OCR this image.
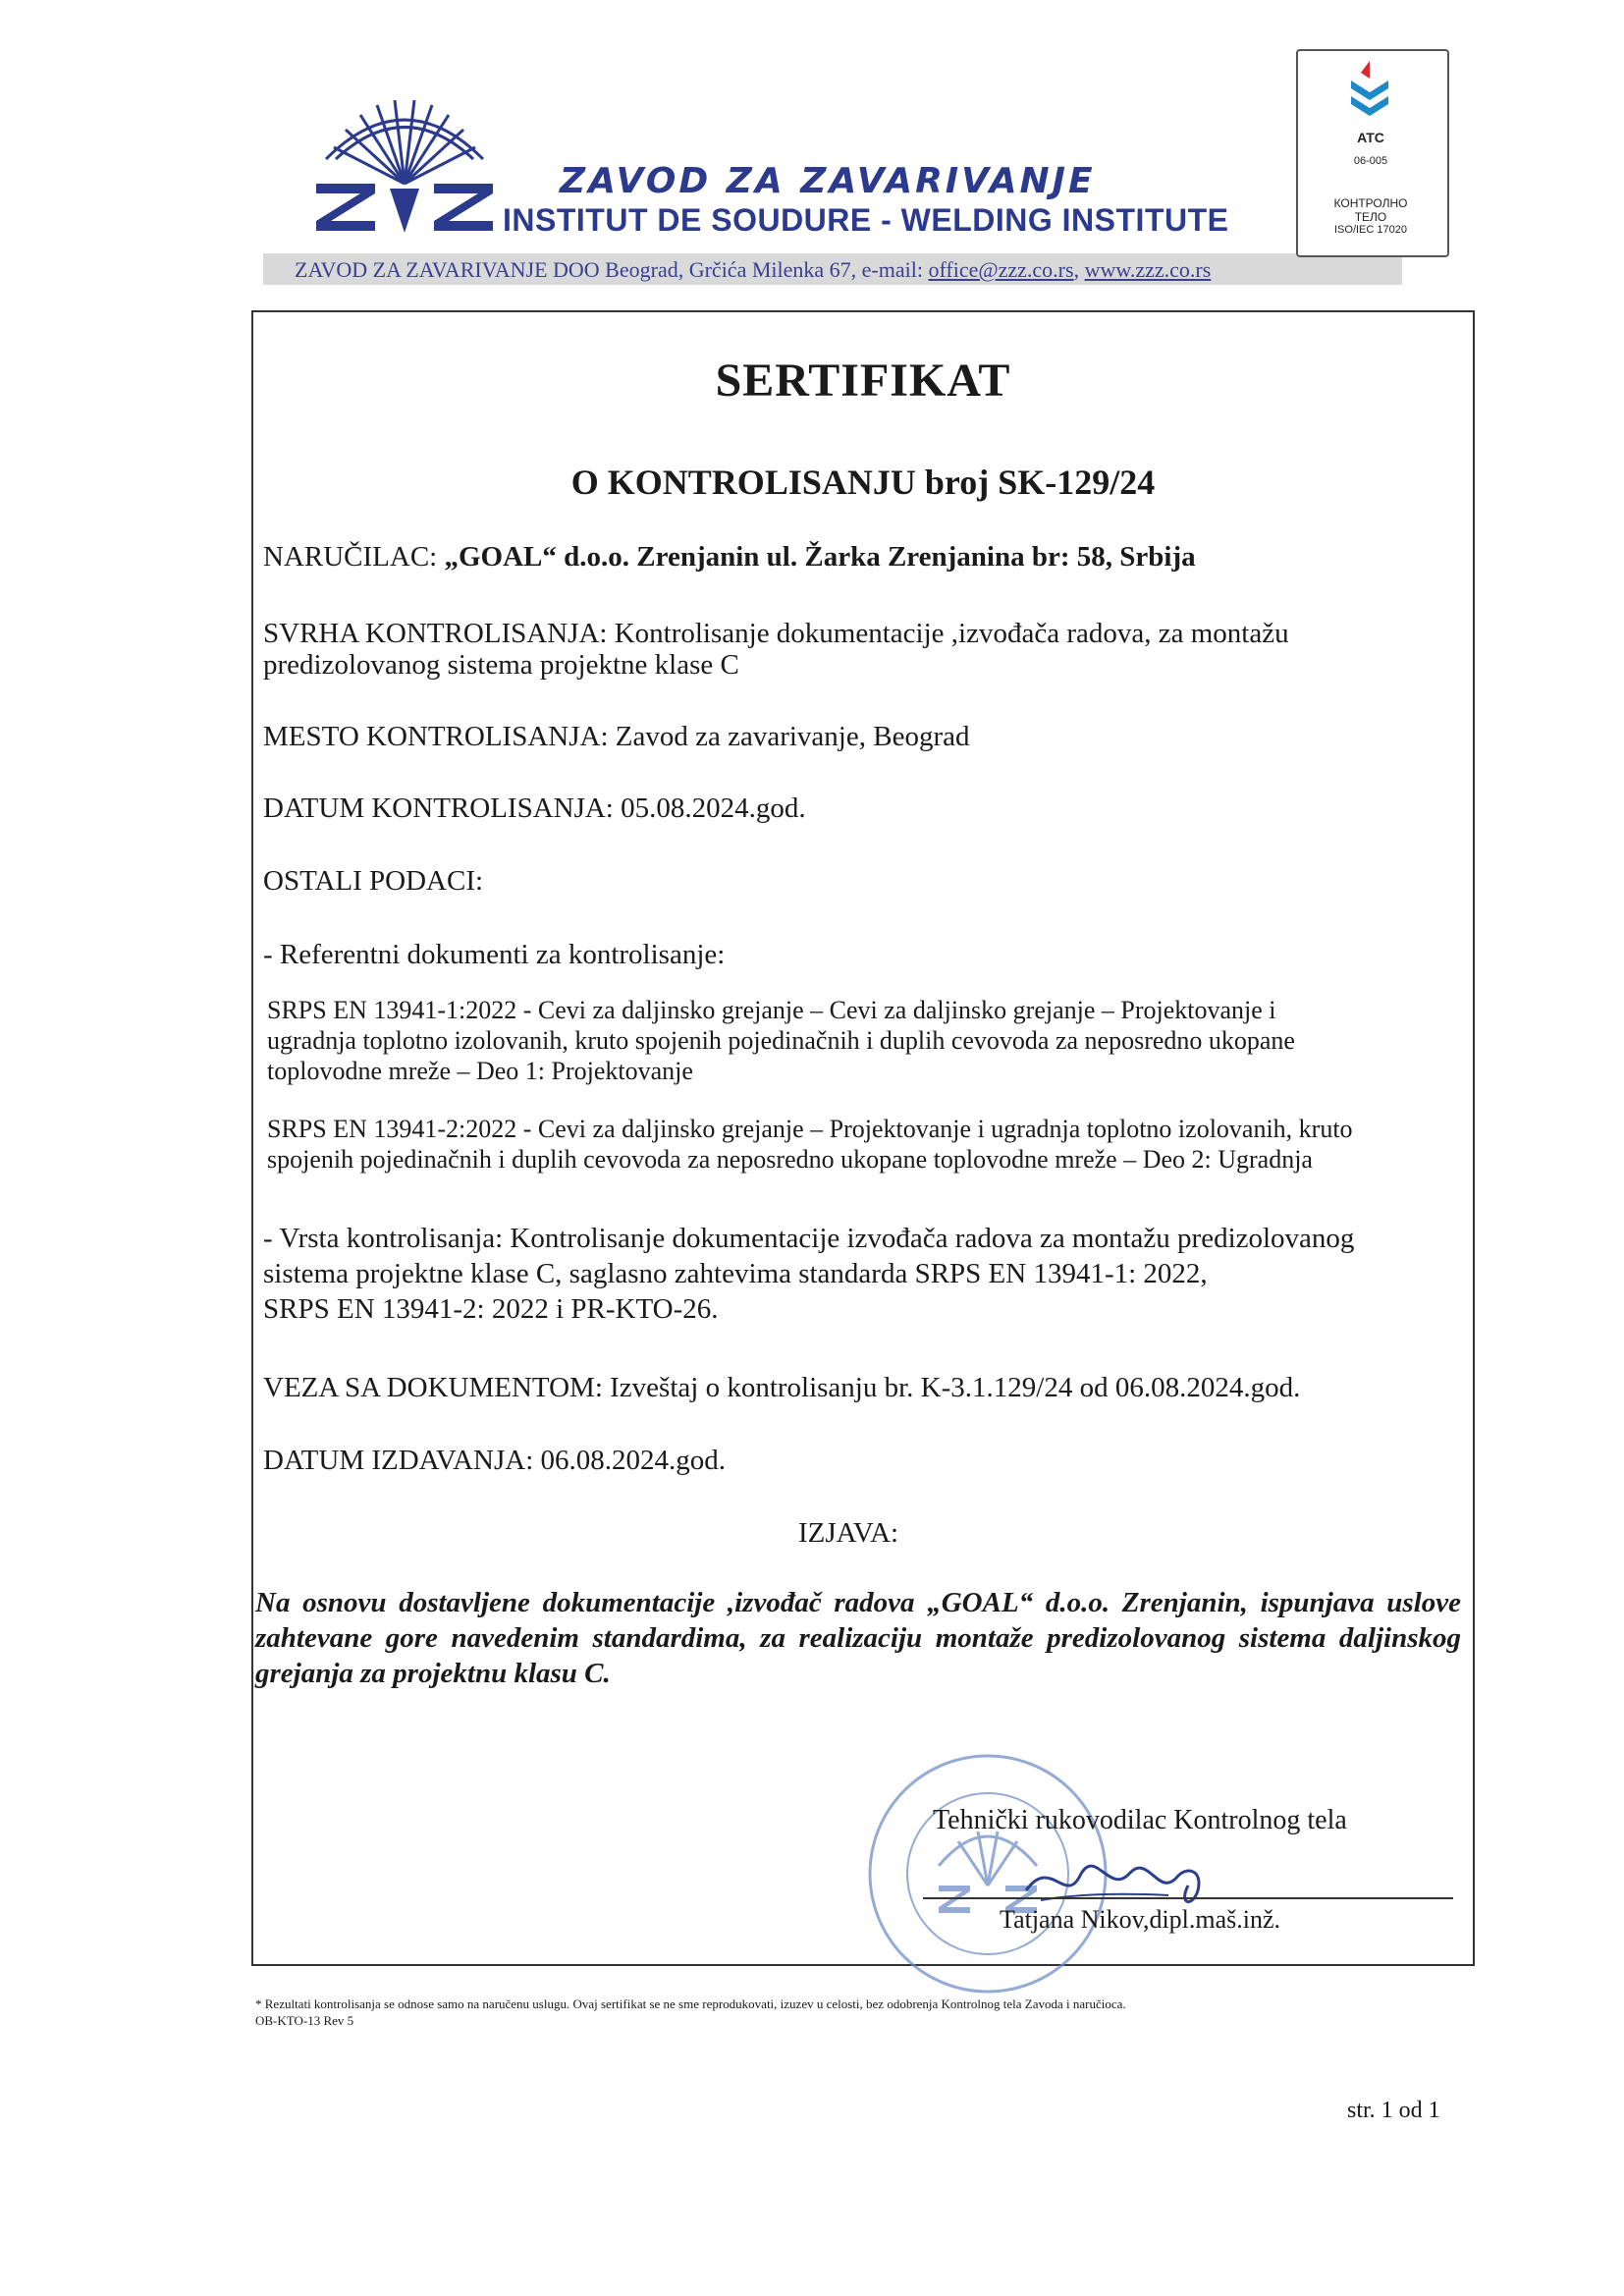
ZAVOD ZA ZAVARIVANJE
INSTITUT DE SOUDURE - WELDING INSTITUTE
ZAVOD ZA ZAVARIVANJE DOO Beograd, Grčića Milenka 67, e-mail: office@zzz.co.rs, www.zzz.co.rs
ATC
06-005
КОНТРОЛНО
ТЕЛО
ISO/IEC 17020
SERTIFIKAT
O KONTROLISANJU broj SK-129/24
NARUČILAC: „GOAL“ d.o.o. Zrenjanin ul. Žarka Zrenjanina br: 58, Srbija
SVRHA KONTROLISANJA: Kontrolisanje dokumentacije ,izvođača radova, za montažu
predizolovanog sistema projektne klase C
MESTO KONTROLISANJA: Zavod za zavarivanje, Beograd
DATUM KONTROLISANJA: 05.08.2024.god.
OSTALI PODACI:
- Referentni dokumenti za kontrolisanje:
SRPS EN 13941-1:2022 - Cevi za daljinsko grejanje – Cevi za daljinsko grejanje – Projektovanje i
ugradnja toplotno izolovanih, kruto spojenih pojedinačnih i duplih cevovoda za neposredno ukopane
toplovodne mreže – Deo 1: Projektovanje
SRPS EN 13941-2:2022 - Cevi za daljinsko grejanje – Projektovanje i ugradnja toplotno izolovanih, kruto
spojenih pojedinačnih i duplih cevovoda za neposredno ukopane toplovodne mreže – Deo 2: Ugradnja
- Vrsta kontrolisanja: Kontrolisanje dokumentacije izvođača radova za montažu predizolovanog
sistema projektne klase C, saglasno zahtevima standarda SRPS EN 13941-1: 2022,
SRPS EN 13941-2: 2022 i PR-KTO-26.
VEZA SA DOKUMENTOM: Izveštaj o kontrolisanju br. K-3.1.129/24 od 06.08.2024.god.
DATUM IZDAVANJA: 06.08.2024.god.
IZJAVA:
Na osnovu dostavljene dokumentacije ,izvođač radova „GOAL“ d.o.o. Zrenjanin, ispunjava uslove zahtevane gore navedenim standardima, za realizaciju montaže predizolovanog sistema daljinskog grejanja za projektnu klasu C.
Tehnički rukovodilac Kontrolnog tela
Tatjana Nikov,dipl.maš.inž.
* Rezultati kontrolisanja se odnose samo na naručenu uslugu. Ovaj sertifikat se ne sme reprodukovati, izuzev u celosti, bez odobrenja Kontrolnog tela Zavoda i naručioca.
OB-KTO-13 Rev 5
str. 1 od 1
